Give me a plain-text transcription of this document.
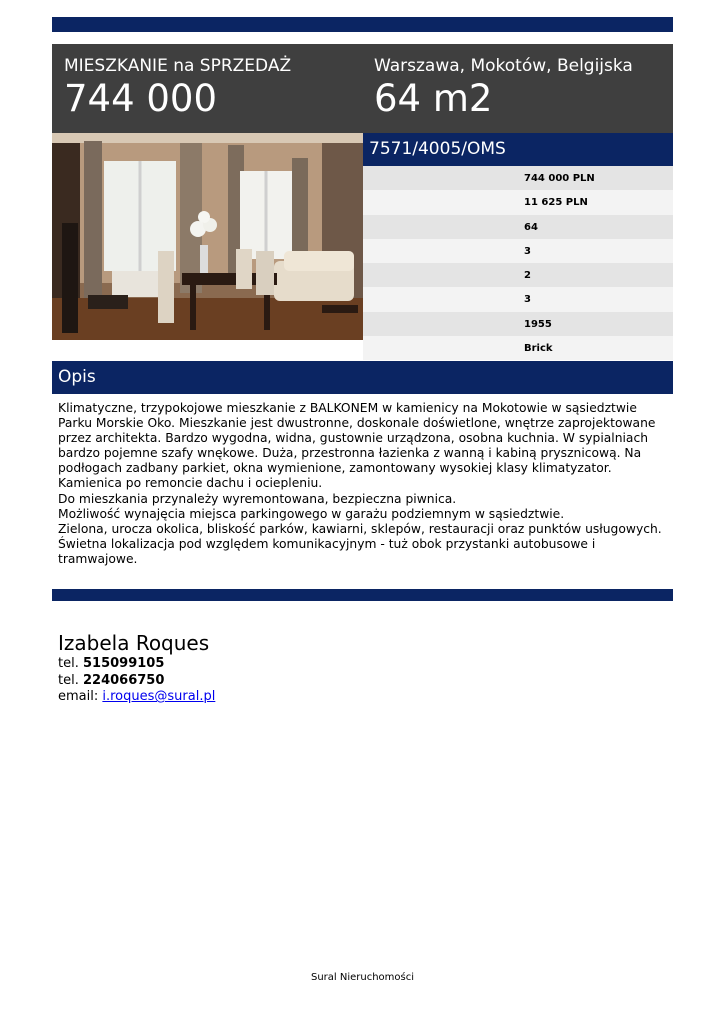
MIESZKANIE na SPRZEDAŻ
744 000
Warszawa, Mokotów, Belgijska
64 m2
7571/4005/OMS
744 000 PLN
11 625 PLN
64
3
2
3
1955
Brick
Opis

Klimatyczne, trzypokojowe mieszkanie z BALKONEM w kamienicy na Mokotowie w sąsiedztwie Parku Morskie Oko. Mieszkanie jest dwustronne, doskonale doświetlone, wnętrze zaprojektowane przez architekta. Bardzo wygodna, widna, gustownie urządzona, osobna kuchnia. W sypialniach bardzo pojemne szafy wnękowe. Duża, przestronna łazienka z wanną i kabiną prysznicową. Na podłogach zadbany parkiet, okna wymienione, zamontowany wysokiej klasy klimatyzator. Kamienica po remoncie dachu i ociepleniu.

Do mieszkania przynależy wyremontowana, bezpieczna piwnica.

Możliwość wynajęcia miejsca parkingowego w garażu podziemnym w sąsiedztwie.

Zielona, urocza okolica, bliskość parków, kawiarni, sklepów, restauracji oraz punktów usługowych.

Świetna lokalizacja pod względem komunikacyjnym - tuż obok przystanki autobusowe i tramwajowe.

Izabela Roques
tel. 515099105
tel. 224066750
email: i.roques@sural.pl
Sural Nieruchomości
